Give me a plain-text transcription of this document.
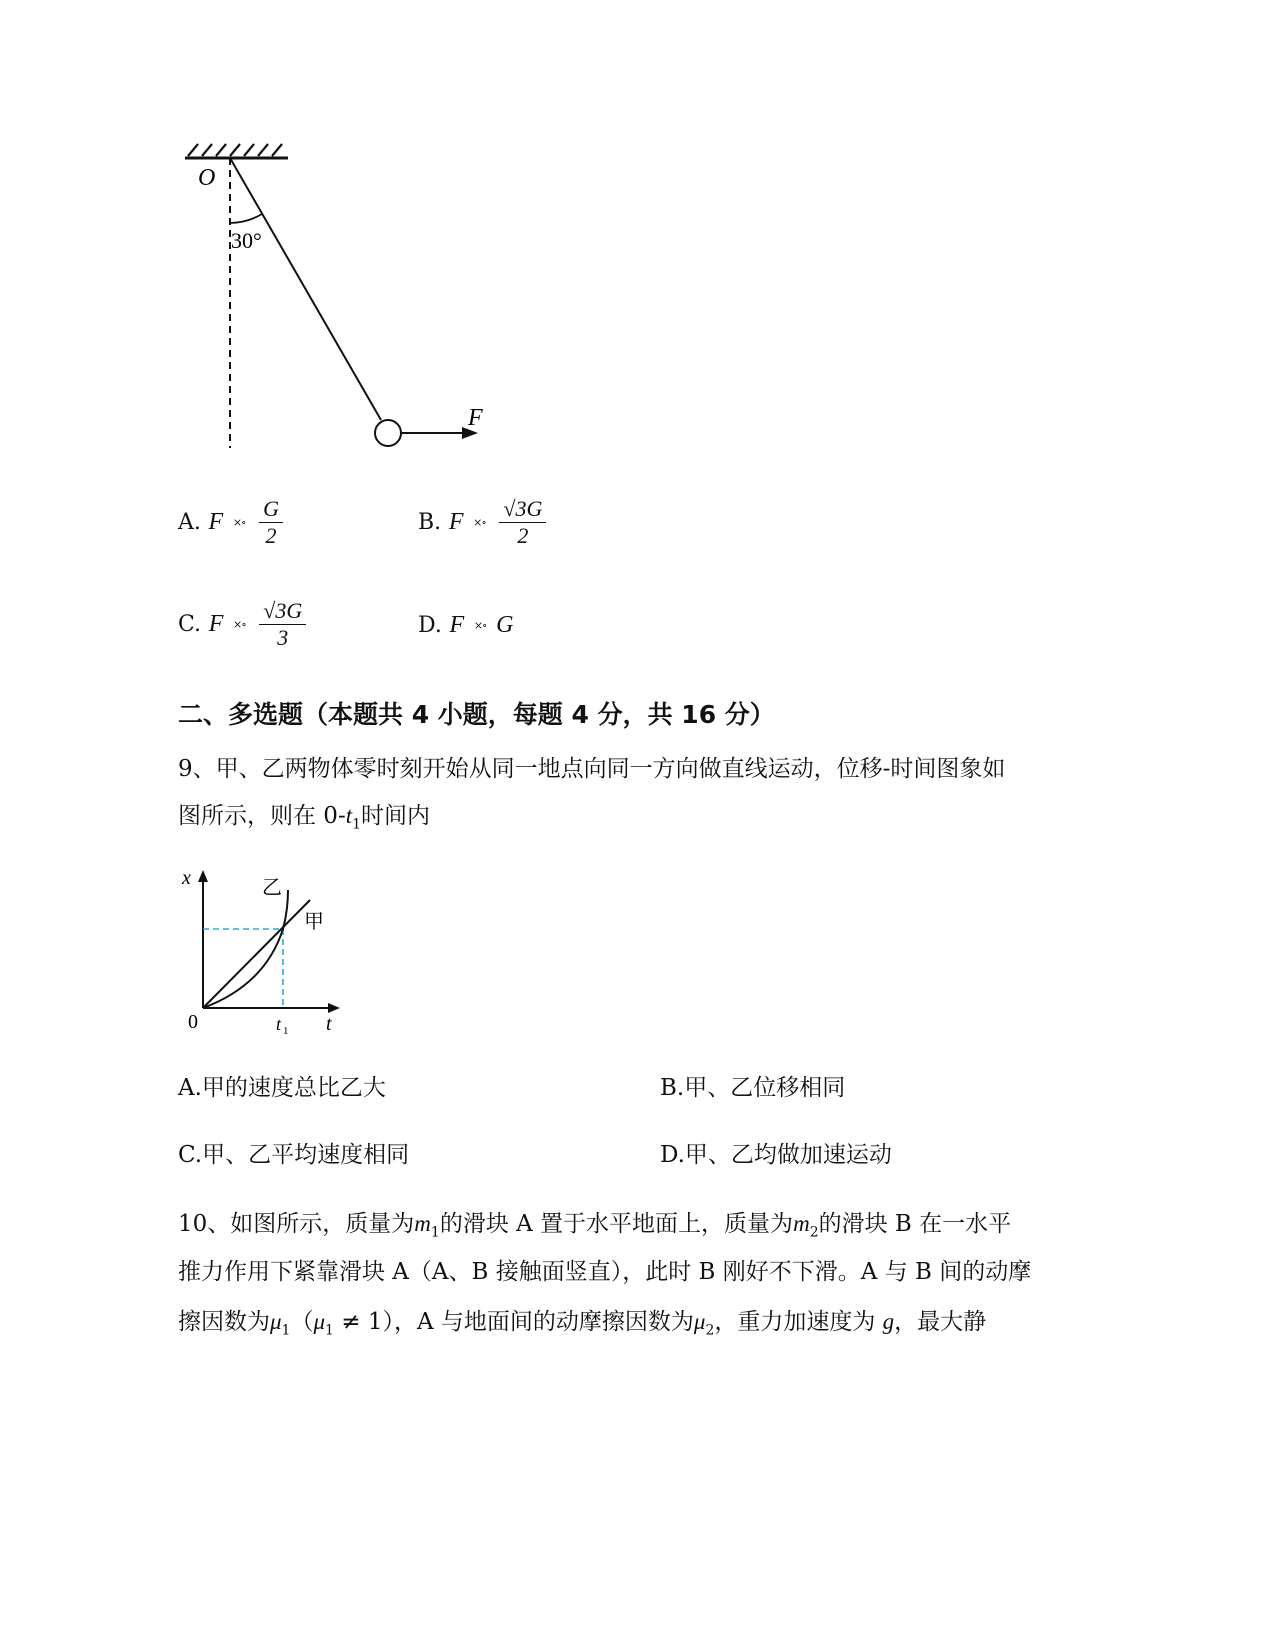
O
30°
F
A. F ×∘ $\frac{G}{2}$	B. F ×∘ $\frac{√3G}{2}$
C. F ×∘ $\frac{√3G}{3}$	D. F ×∘ G
二、多选题（本题共 4 小题，每题 4 分，共 16 分）
9、甲、乙两物体零时刻开始从同一地点向同一方向做直线运动，位移-时间图象如
图所示，则在 $0-t_1$时间内
x
0	t
t 1
乙
甲
A.甲的速度总比乙大	B.甲、乙位移相同
C.甲、乙平均速度相同	D.甲、乙均做加速运动
10、如图所示，质量为$m_1$的滑块 A 置于水平地面上，质量为$m_2$的滑块 B 在一水平
推力作用下紧靠滑块 A（A、B 接触面竖直），此时 B 刚好不下滑。A 与 B 间的动摩
擦因数为$\mu_1(\mu_1 \ne 1)$，A 与地面间的动摩擦因数为$\mu_2$，重力加速度为 g，最大静
